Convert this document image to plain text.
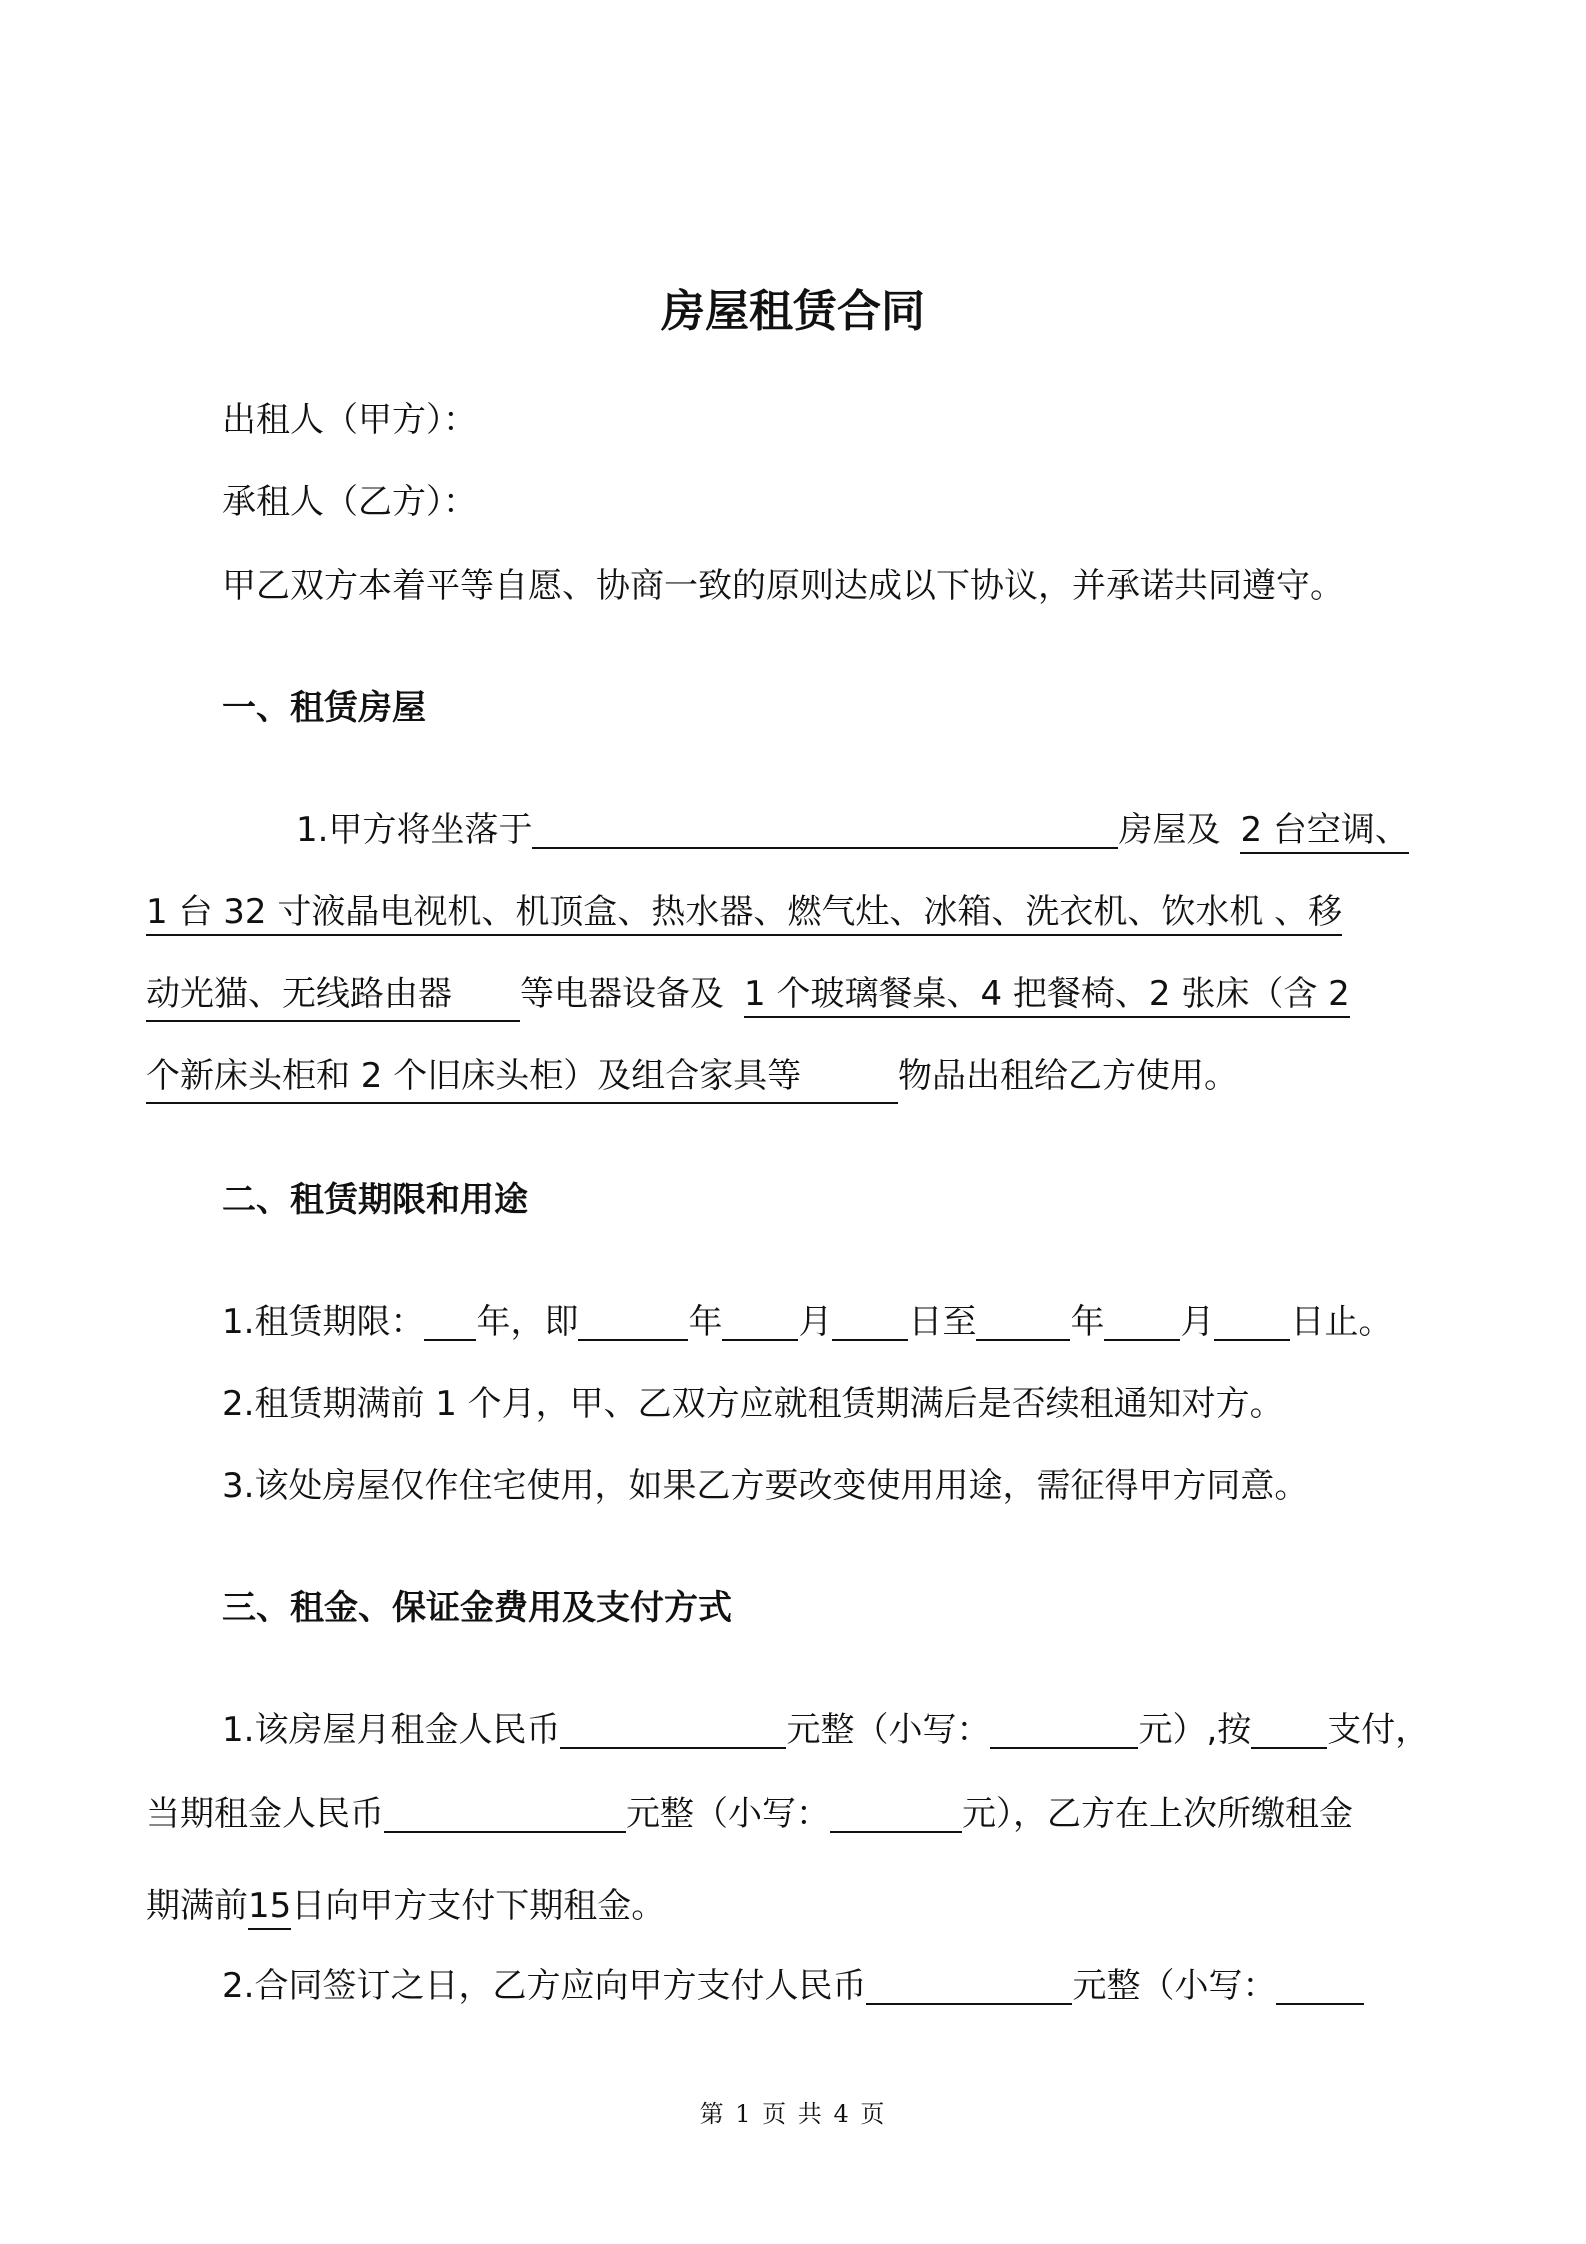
房屋租赁合同
出租人（甲方）：
承租人（乙方）：
甲乙双方本着平等自愿、协商一致的原则达成以下协议，并承诺共同遵守。
一、租赁房屋
1.甲方将坐落于	房屋及 2 台空调、
1 台 32 寸液晶电视机、机顶盒、热水器、燃气灶、冰箱、洗衣机、饮水机 、移
动光猫、无线路由器 等电器设备及 1 个玻璃餐桌、4 把餐椅、2 张床（含 2
个新床头柜和 2 个旧床头柜）及组合家具等	物品出租给乙方使用。
二、租赁期限和用途
1.租赁期限： 年，即	年 月 日至	年 月 日止。
2.租赁期满前 1 个月，甲、乙双方应就租赁期满后是否续租通知对方。
3.该处房屋仅作住宅使用，如果乙方要改变使用用途，需征得甲方同意。
三、租金、保证金费用及支付方式
1.该房屋月租金人民币	元整（小写：	元）,按 支付，
当期租金人民币	元整（小写：	元），乙方在上次所缴租金
期满前15日向甲方支付下期租金。
2.合同签订之日，乙方应向甲方支付人民币	元整（小写：
第 1 页 共 4 页
